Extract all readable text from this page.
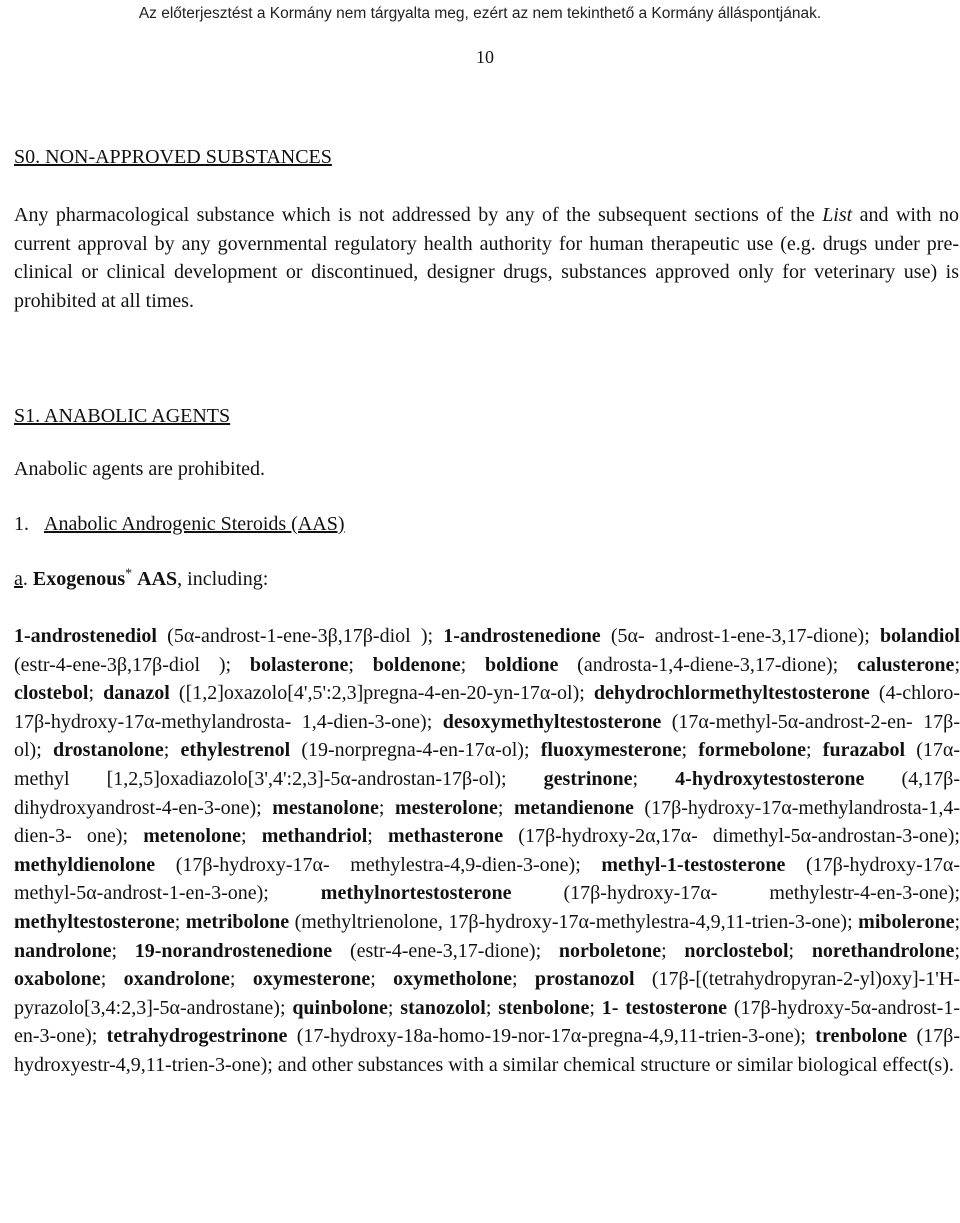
Az előterjesztést a Kormány nem tárgyalta meg, ezért az nem tekinthető a Kormány álláspontjának.
10
S0. NON-APPROVED SUBSTANCES
Any pharmacological substance which is not addressed by any of the subsequent sections of the List and with no current approval by any governmental regulatory health authority for human therapeutic use (e.g. drugs under pre-clinical or clinical development or discontinued, designer drugs, substances approved only for veterinary use) is prohibited at all times.
S1. ANABOLIC AGENTS
Anabolic agents are prohibited.
1. Anabolic Androgenic Steroids (AAS)
a. Exogenous* AAS, including:
1-androstenediol (5α-androst-1-ene-3β,17β-diol ); 1-androstenedione (5α- androst-1-ene-3,17-dione); bolandiol (estr-4-ene-3β,17β-diol ); bolasterone; boldenone; boldione (androsta-1,4-diene-3,17-dione); calusterone; clostebol; danazol ([1,2]oxazolo[4',5':2,3]pregna-4-en-20-yn-17α-ol); dehydrochlormethyltestosterone (4-chloro-17β-hydroxy-17α-methylandrosta- 1,4-dien-3-one); desoxymethyltestosterone (17α-methyl-5α-androst-2-en- 17β-ol); drostanolone; ethylestrenol (19-norpregna-4-en-17α-ol); fluoxymesterone; formebolone; furazabol (17α-methyl [1,2,5]oxadiazolo[3',4':2,3]-5α-androstan-17β-ol); gestrinone; 4-hydroxytestosterone (4,17β-dihydroxyandrost-4-en-3-one); mestanolone; mesterolone; metandienone (17β-hydroxy-17α-methylandrosta-1,4-dien-3- one); metenolone; methandriol; methasterone (17β-hydroxy-2α,17α- dimethyl-5α-androstan-3-one); methyldienolone (17β-hydroxy-17α- methylestra-4,9-dien-3-one); methyl-1-testosterone (17β-hydroxy-17α- methyl-5α-androst-1-en-3-one); methylnortestosterone (17β-hydroxy-17α- methylestr-4-en-3-one); methyltestosterone; metribolone (methyltrienolone, 17β-hydroxy-17α-methylestra-4,9,11-trien-3-one); mibolerone; nandrolone; 19-norandrostenedione (estr-4-ene-3,17-dione); norboletone; norclostebol; norethandrolone; oxabolone; oxandrolone; oxymesterone; oxymetholone; prostanozol (17β-[(tetrahydropyran-2-yl)oxy]-1'H- pyrazolo[3,4:2,3]-5α-androstane); quinbolone; stanozolol; stenbolone; 1- testosterone (17β-hydroxy-5α-androst-1-en-3-one); tetrahydrogestrinone (17-hydroxy-18a-homo-19-nor-17α-pregna-4,9,11-trien-3-one); trenbolone (17β-hydroxyestr-4,9,11-trien-3-one); and other substances with a similar chemical structure or similar biological effect(s).
